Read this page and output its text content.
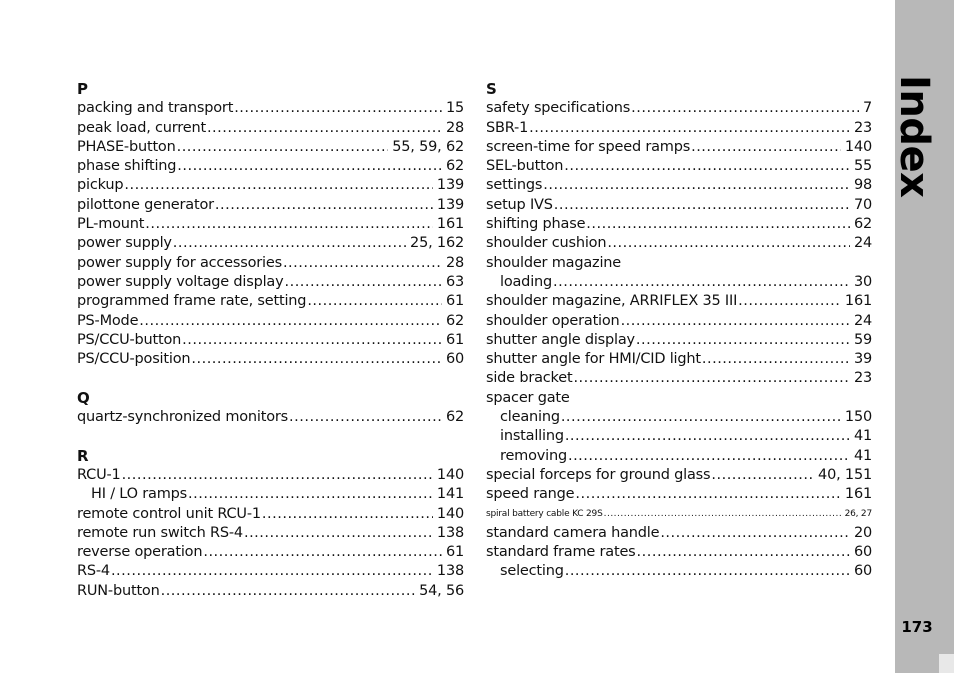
P
packing and transport .....	15
peak load, current .....	28
PHASE-button .....	55, 59, 62
phase shifting .....	62
pickup .....	139
pilottone generator .....	139
PL-mount .....	161
power supply .....	25, 162
power supply for accessories .....	28
power supply voltage display .....	63
programmed frame rate, setting .....	61
PS-Mode .....	62
PS/CCU-button .....	61
PS/CCU-position .....	60
Q
quartz-synchronized monitors .....	62
R
RCU-1 .....	140
HI / LO ramps .....	141
remote control unit RCU-1 .....	140
remote run switch RS-4 .....	138
reverse operation .....	61
RS-4 .....	138
RUN-button .....	54, 56
S
safety specifications .....	7
SBR-1 .....	23
screen-time for speed ramps .....	140
SEL-button .....	55
settings .....	98
setup IVS .....	70
shifting phase .....	62
shoulder cushion .....	24
shoulder magazine
loading .....	30
shoulder magazine, ARRIFLEX 35 III .....	161
shoulder operation .....	24
shutter angle display .....	59
shutter angle for HMI/CID light .....	39
side bracket .....	23
spacer gate
cleaning .....	150
installing .....	41
removing .....	41
special forceps for ground glass .....	40, 151
speed range .....	161
spiral battery cable KC 29S .....	26, 27
standard camera handle .....	20
standard frame rates .....	60
selecting .....	60
Index
173
